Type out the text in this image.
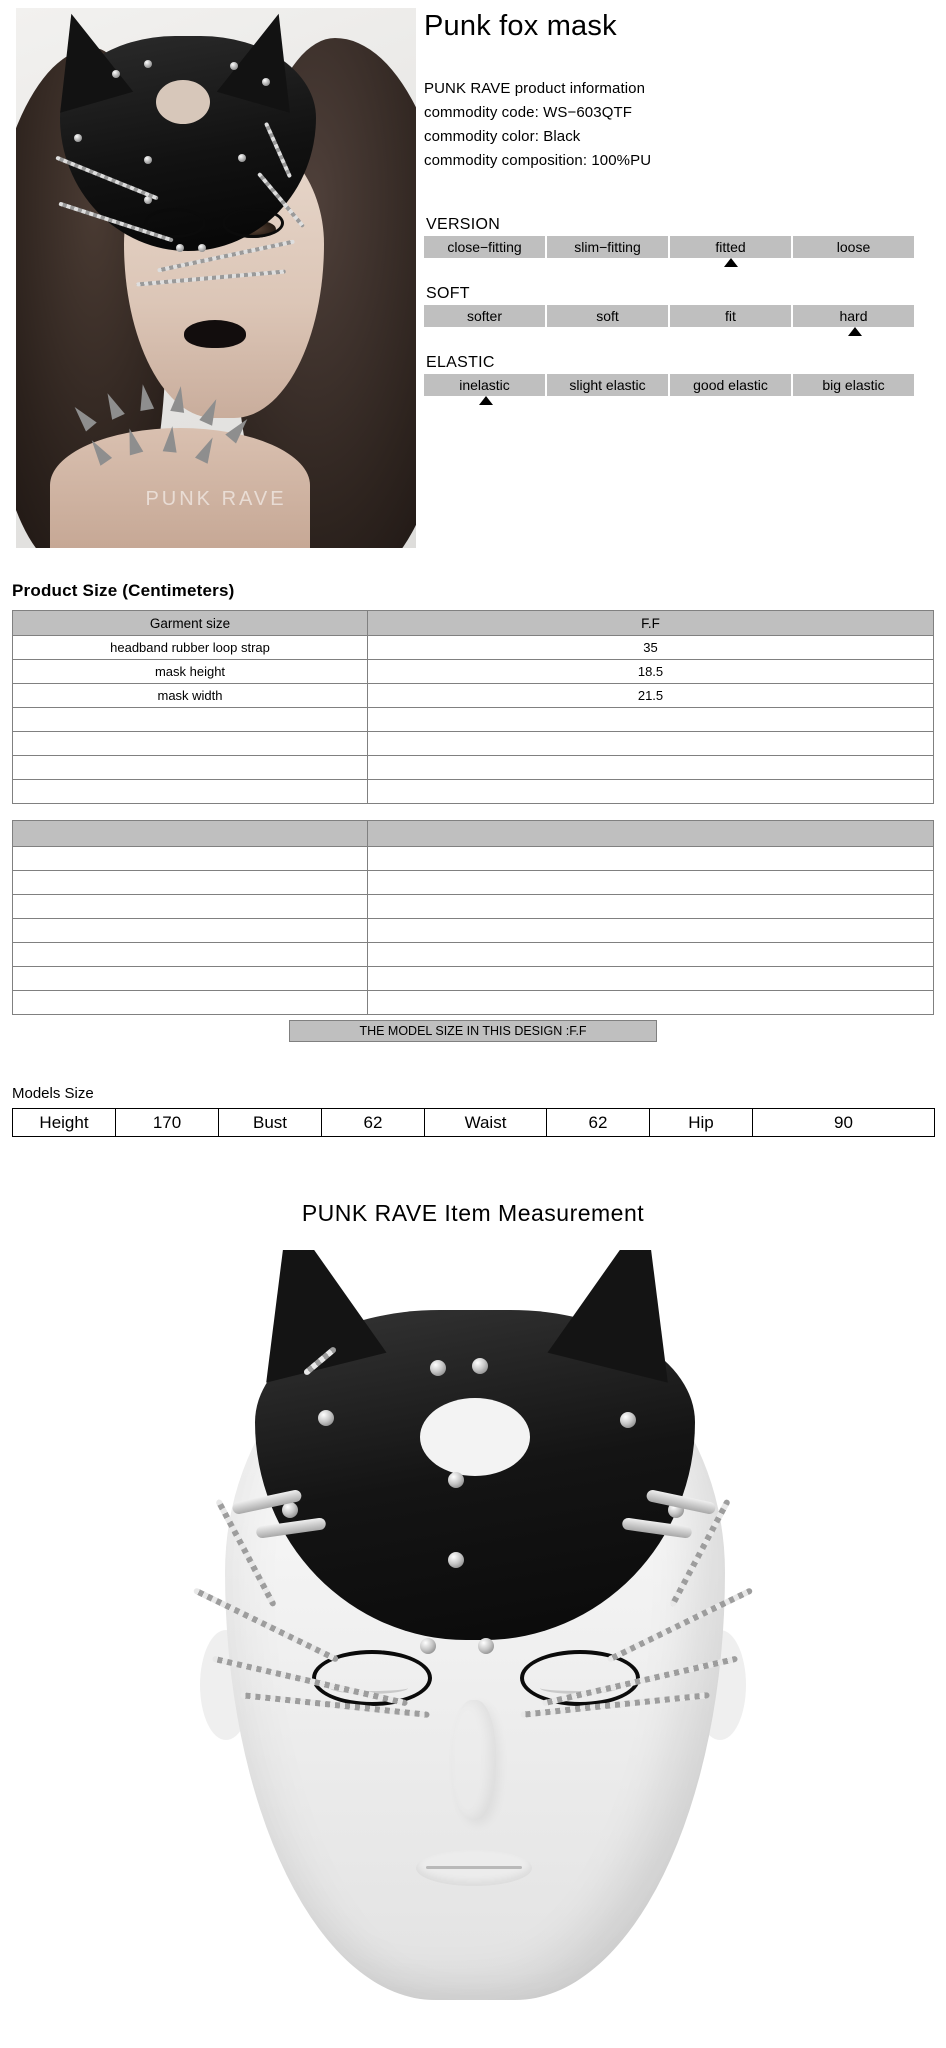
PUNK RAVE
Punk fox mask

PUNK RAVE product information

commodity code: WS−603QTF

commodity color: Black

commodity composition: 100%PU

VERSION
close−fitting	slim−fitting	fitted	loose
SOFT
softer	soft	fit	hard
ELASTIC
inelastic	slight elastic	good elastic	big elastic
Product Size (Centimeters)
Garment size	F.F
headband rubber loop strap	35
mask height	18.5
mask width	21.5

THE MODEL SIZE IN THIS DESIGN :F.F
Models Size
Height	170	Bust	62	Waist	62	Hip	90
PUNK RAVE Item Measurement
